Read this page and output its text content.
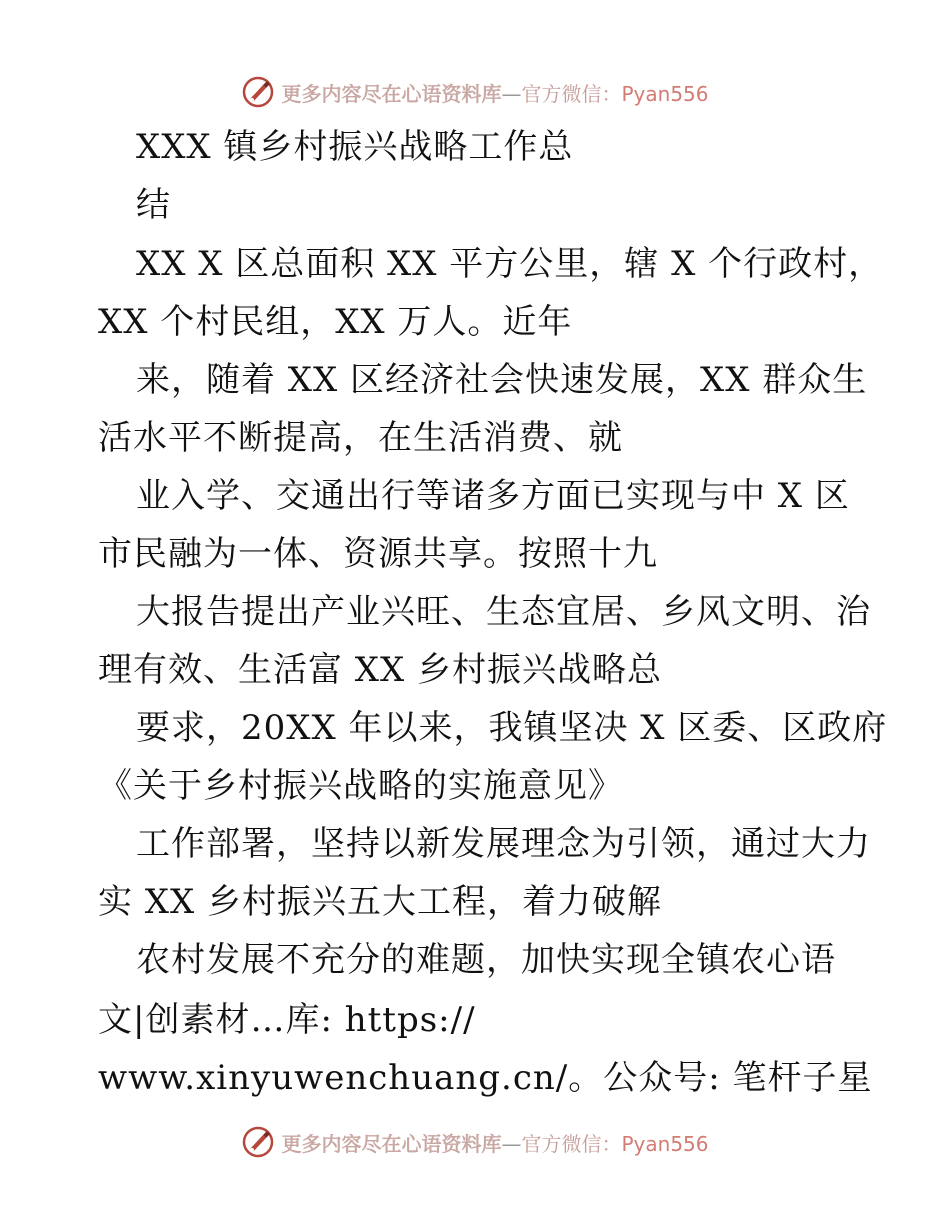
更多内容尽在心语资料库—官方微信：Pyan556
XXX 镇乡村振兴战略工作总
结
XX X 区总面积 XX 平方公里，辖 X 个行政村，
XX 个村民组，XX 万人。近年
来，随着 XX 区经济社会快速发展，XX 群众生
活水平不断提高，在生活消费、就
业入学、交通出行等诸多方面已实现与中 X 区
市民融为一体、资源共享。按照十九
大报告提出产业兴旺、生态宜居、乡风文明、治
理有效、生活富 XX 乡村振兴战略总
要求，20XX 年以来，我镇坚决 X 区委、区政府
《关于乡村振兴战略的实施意见》
工作部署，坚持以新发展理念为引领，通过大力
实 XX 乡村振兴五大工程，着力破解
农村发展不充分的难题，加快实现全镇农心语
文|创素材…库: https://
www.xinyuwenchuang.cn/。公众号: 笔杆子星
更多内容尽在心语资料库—官方微信：Pyan556
